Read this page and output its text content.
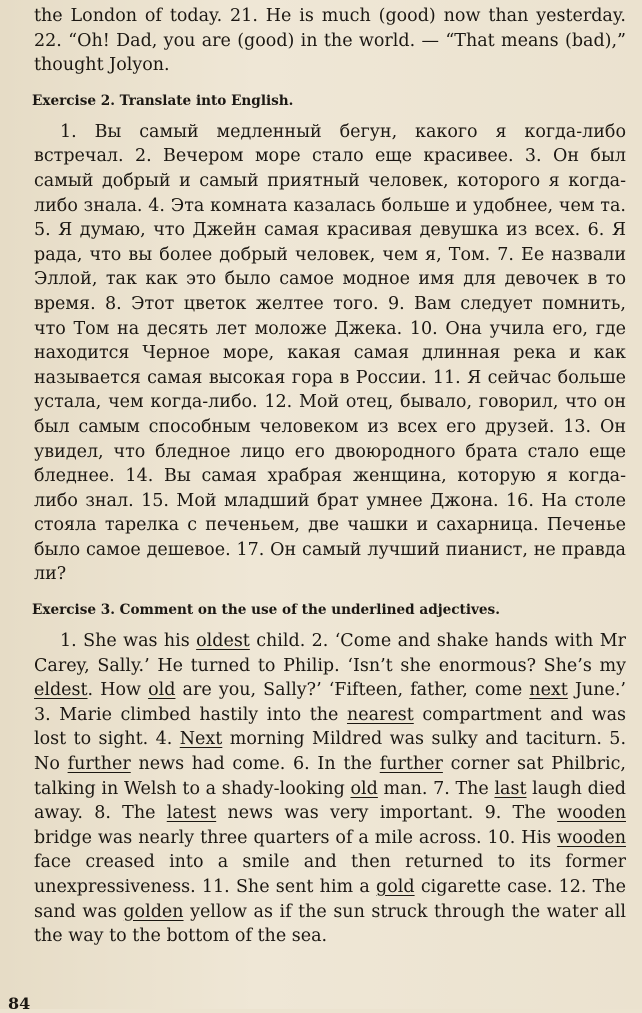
the London of today. 21. He is much (good) now than yesterday. 22. “Oh! Dad, you are (good) in the world. — “That means (bad),” thought Jolyon.

Exercise 2. Translate into English.

1. Вы самый медленный бегун, какого я когда-либо встречал. 2. Вечером море стало еще красивее. 3. Он был самый добрый и самый приятный человек, которого я когда-либо знала. 4. Эта комната казалась больше и удобнее, чем та. 5. Я думаю, что Джейн самая красивая девушка из всех. 6. Я рада, что вы более добрый человек, чем я, Том. 7. Ее назвали Эллой, так как это было самое модное имя для девочек в то время. 8. Этот цветок желтее того. 9. Вам следует помнить, что Том на десять лет моложе Джека. 10. Она учила его, где находится Черное море, какая самая длинная река и как называется самая высокая гора в России. 11. Я сейчас больше устала, чем когда-либо. 12. Мой отец, бывало, говорил, что он был самым способным человеком из всех его друзей. 13. Он увидел, что бледное лицо его двоюродного брата стало еще бледнее. 14. Вы самая храбрая женщина, которую я когда-либо знал. 15. Мой младший брат умнее Джона. 16. На столе стояла тарелка с печеньем, две чашки и сахарница. Печенье было самое дешевое. 17. Он самый лучший пианист, не правда ли?

Exercise 3. Comment on the use of the underlined adjectives.

1. She was his oldest child. 2. ‘Come and shake hands with Mr Carey, Sally.’ He turned to Philip. ‘Isn’t she enormous? She’s my eldest. How old are you, Sally?’ ‘Fifteen, father, come next June.’ 3. Marie climbed hastily into the nearest compartment and was lost to sight. 4. Next morning Mildred was sulky and taciturn. 5. No further news had come. 6. In the further corner sat Philbric, talking in Welsh to a shady-looking old man. 7. The last laugh died away. 8. The latest news was very important. 9. The wooden bridge was nearly three quarters of a mile across. 10. His wooden face creased into a smile and then returned to its former unexpressiveness. 11. She sent him a gold cigarette case. 12. The sand was golden yellow as if the sun struck through the water all the way to the bottom of the sea.

84
